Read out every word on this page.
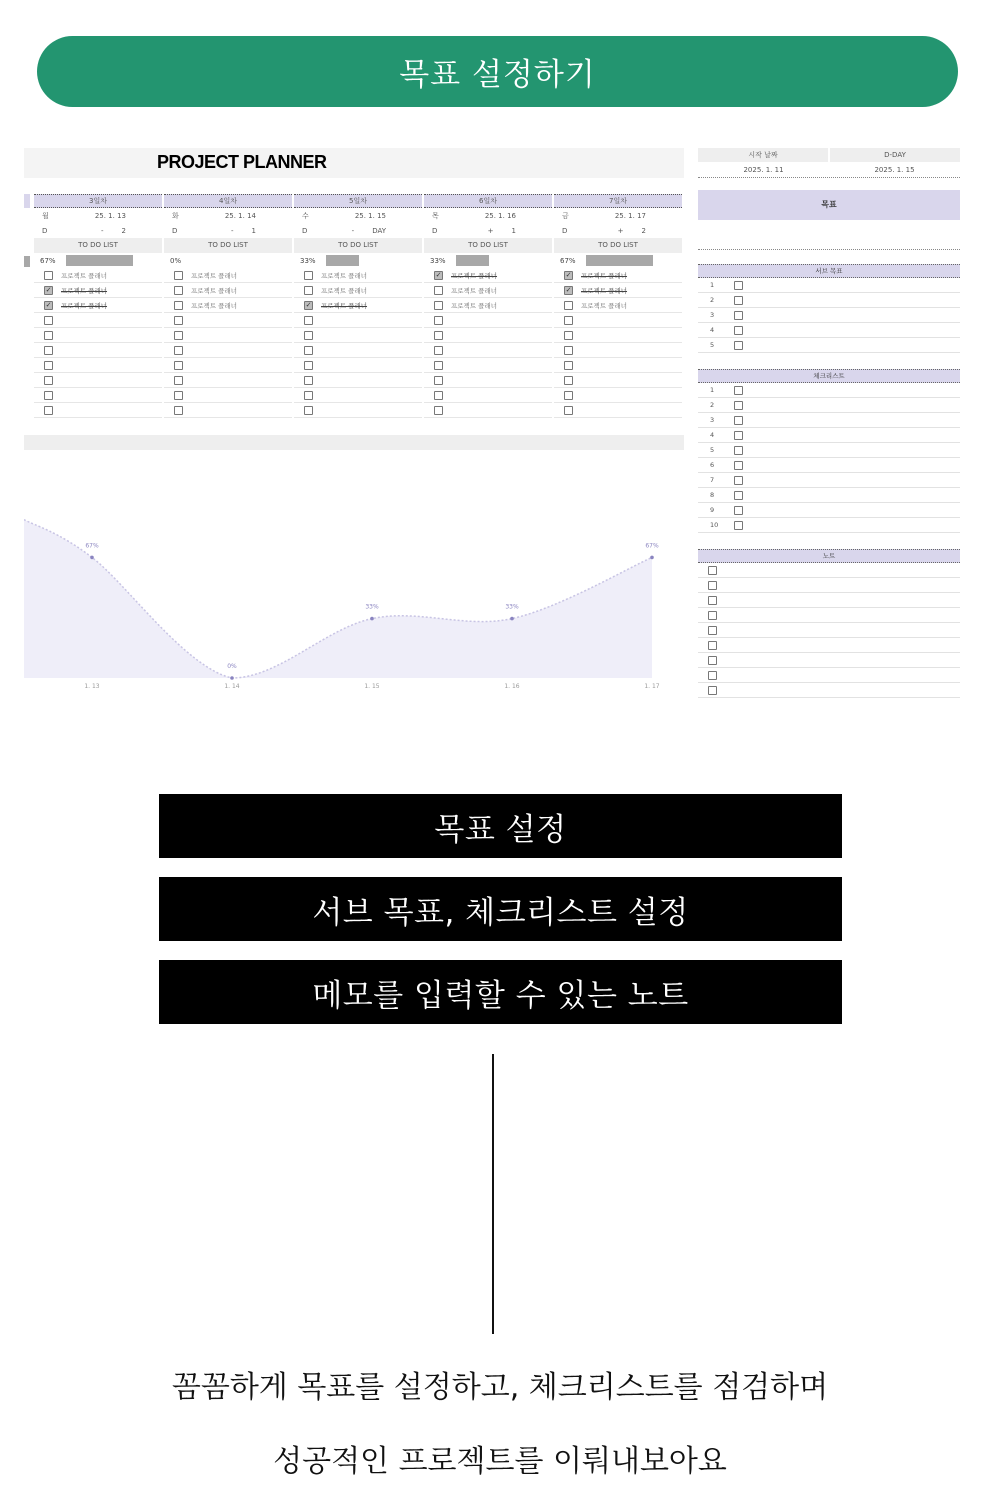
목표 설정하기
PROJECT PLANNER
3일차
월	25. 1. 13
D	-	2
TO DO LIST
67%
프로젝트 플래너
✓ 프로젝트 플래너
✓ 프로젝트 플래너
4일차
화	25. 1. 14
D	-	1
TO DO LIST
0%
프로젝트 플래너
프로젝트 플래너
프로젝트 플래너
5일차
수	25. 1. 15
D	-	DAY
TO DO LIST
33%
프로젝트 플래너
프로젝트 플래너
✓ 프로젝트 플래너
6일차
목	25. 1. 16
D	+	1
TO DO LIST
33%
✓ 프로젝트 플래너
프로젝트 플래너
프로젝트 플래너
7일차
금	25. 1. 17
D	+	2
TO DO LIST
67%
✓ 프로젝트 플래너
✓ 프로젝트 플래너
프로젝트 플래너
67%
1. 13
0%
1. 14
33%
1. 15
33%
1. 16
67%
1. 17
시작 날짜	D-DAY
2025. 1. 11	2025. 1. 15
목표
서브 목표
1
2
3
4
5
체크리스트
1
2
3
4
5
6
7
8
9
10
노트
목표 설정
서브 목표, 체크리스트 설정
메모를 입력할 수 있는 노트
꼼꼼하게 목표를 설정하고, 체크리스트를 점검하며
성공적인 프로젝트를 이뤄내보아요
